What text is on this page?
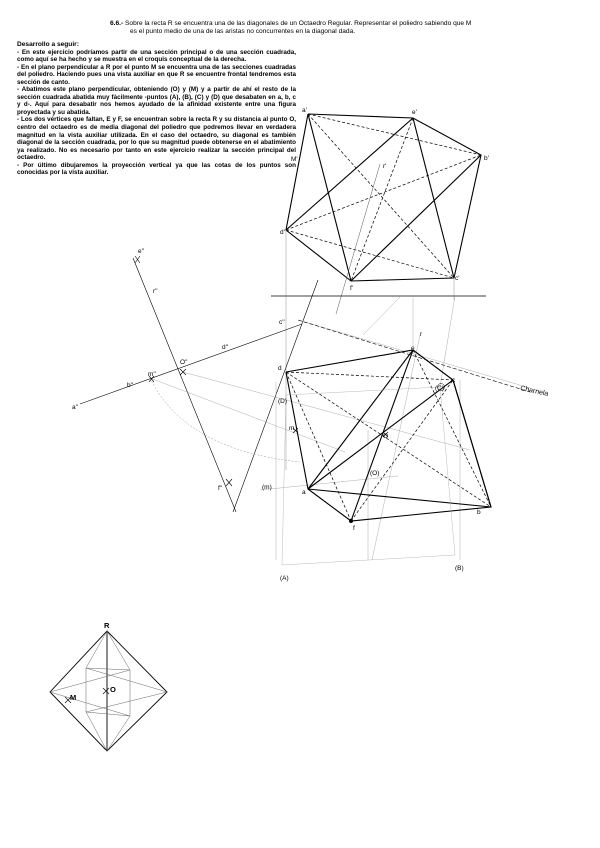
6.6.- Sobre la recta R se encuentra una de las diagonales de un Octaedro Regular. Representar el poliedro sabiendo que M
es el punto medio de una de las aristas no concurrentes en la diagonal dada.
Desarrollo a seguir:

- En este ejercicio podríamos partir de una sección principal o de una sección cuadrada, como aquí se ha hecho y se muestra en el croquis conceptual de la derecha.

- En el plano perpendicular a R por el punto M se encuentra una de las secciones cuadradas del poliedro. Haciendo pues una vista auxiliar en que R se encuentre frontal tendremos esta sección de canto.

- Abatimos este plano perpendicular, obteniendo (O) y (M) y a partir de ahí el resto de la sección cuadrada abatida muy fácilmente -puntos (A), (B), (C) y (D) que desabaten en a, b, c y d-. Aquí para desabatir nos hemos ayudado de la afinidad existente entre una figura proyectada y su abatida.

- Los dos vértices que faltan, E y F, se encuentran sobre la recta R y su distancia al punto O, centro del octaedro es de media diagonal del poliedro que podremos llevar en verdadera magnitud en la vista auxiliar utilizada. En el caso del octaedro, su diagonal es también diagonal de la sección cuadrada, por lo que su magnitud puede obtenerse en el abatimiento ya realizado. No es necesario por tanto en este ejercicio realizar la sección principal del octaedro.

- Por último dibujaremos la proyección vertical ya que las cotas de los puntos son conocidas por la vista auxiliar.

a'	e'
b'
r'
d'
f'
c'
M'
e''
r''
c''
d''
O''
m''
b''
a''
f''
d
e
c
(C)
(D)
m
O
(O)
(m)
a
b
f
(A)
(B)
r
Charnela
R
O
M
